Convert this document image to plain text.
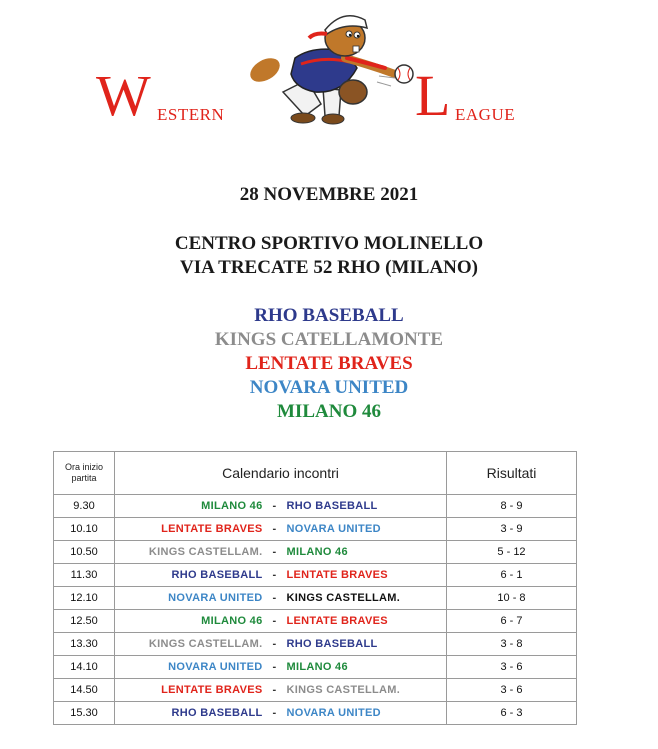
W ESTERN	L EAGUE
28 NOVEMBRE 2021
CENTRO SPORTIVO MOLINELLO
VIA TRECATE 52 RHO (MILANO)
RHO BASEBALL
KINGS CATELLAMONTE
LENTATE BRAVES
NOVARA UNITED
MILANO 46
Ora inizio partita	Calendario incontri	Risultati
9.30	MILANO 46 - RHO BASEBALL	8 - 9
10.10	LENTATE BRAVES - NOVARA UNITED	3 - 9
10.50	KINGS CASTELLAM. - MILANO 46	5 - 12
11.30	RHO BASEBALL - LENTATE BRAVES	6 - 1
12.10	NOVARA UNITED - KINGS CASTELLAM.	10 - 8
12.50	MILANO 46 - LENTATE BRAVES	6 - 7
13.30	KINGS CASTELLAM. - RHO BASEBALL	3 - 8
14.10	NOVARA UNITED - MILANO 46	3 - 6
14.50	LENTATE BRAVES - KINGS CASTELLAM.	3 - 6
15.30	RHO BASEBALL - NOVARA UNITED	6 - 3
